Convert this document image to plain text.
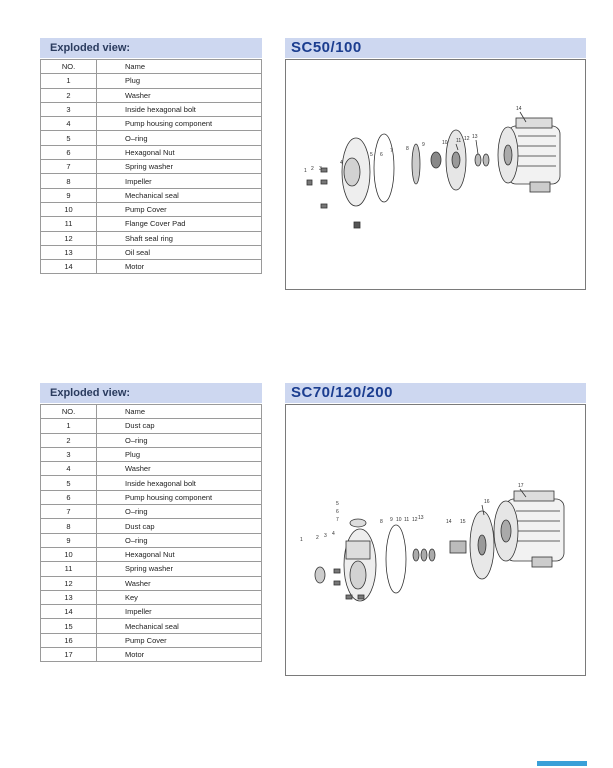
Exploded view:	SC50/100
NO.	Name
1	Plug
2	Washer
3	Inside hexagonal bolt
4	Pump housing component
5	O–ring
6	Hexagonal Nut
7	Spring washer
8	Impeller
9	Mechanical seal
10	Pump Cover
11	Flange Cover Pad
12	Shaft seal ring
13	Oil seal
14	Motor
1 2 3
4
5 6
7	8
9	10 11 12 13
14
Exploded view:	SC70/120/200
NO.	Name
1	Dust cap
2	O–ring
3	Plug
4	Washer
5	Inside hexagonal bolt
6	Pump housing component
7	O–ring
8	Dust cap
9	O–ring
10	Hexagonal Nut
11	Spring washer
12	Washer
13	Key
14	Impeller
15	Mechanical seal
16	Pump Cover
17	Motor
1	2 3 4
5
6
7	8 9 10 11 12 13
14 15
16
17
